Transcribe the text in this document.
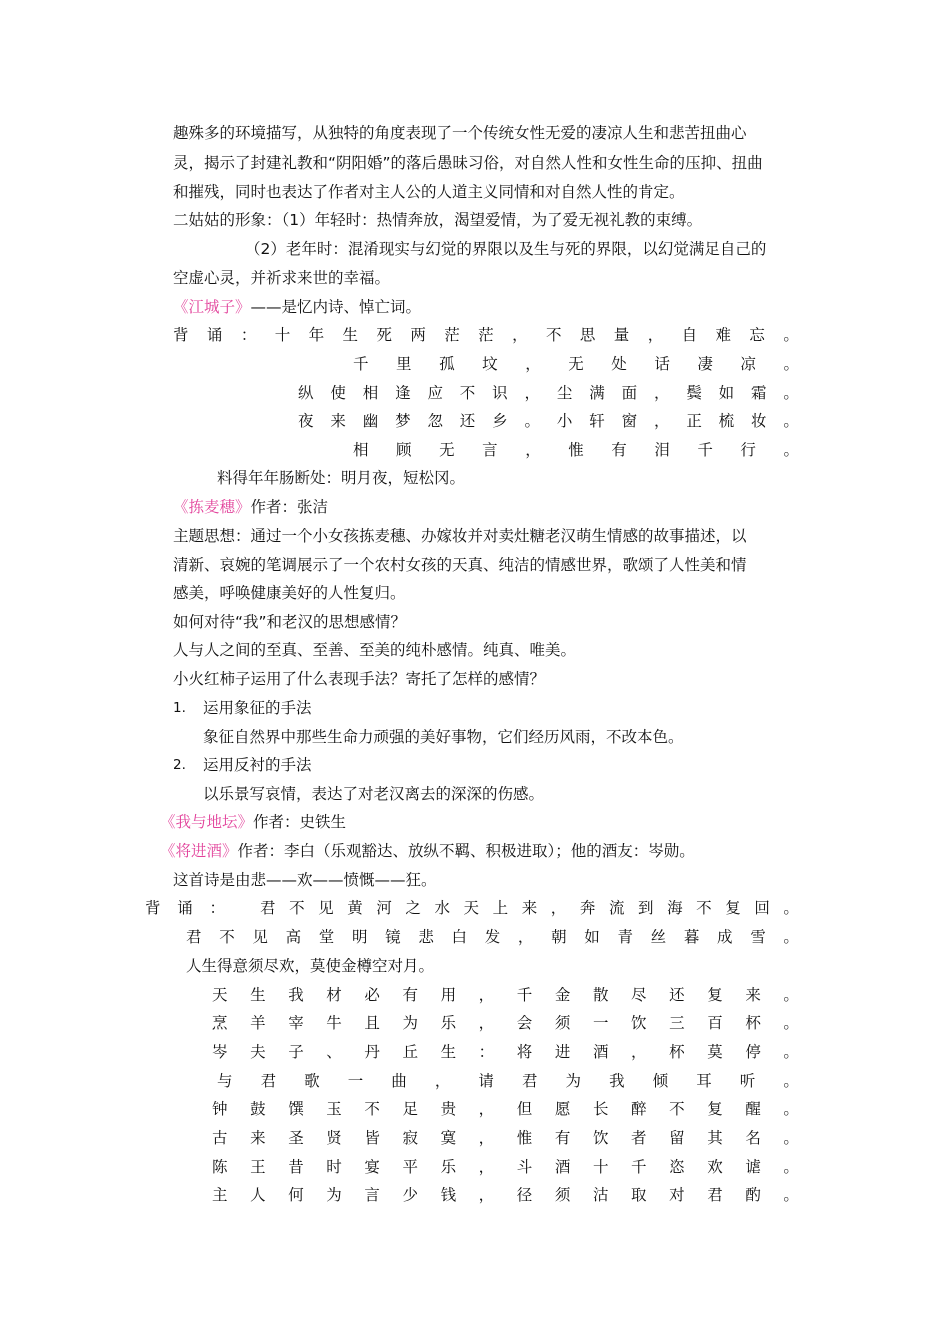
趣殊多的环境描写，从独特的角度表现了一个传统女性无爱的凄凉人生和悲苦扭曲心
灵，揭示了封建礼教和“阴阳婚”的落后愚昧习俗，对自然人性和女性生命的压抑、扭曲
和摧残，同时也表达了作者对主人公的人道主义同情和对自然人性的肯定。
二姑姑的形象：（1）年轻时：热情奔放，渴望爱情，为了爱无视礼教的束缚。
（2）老年时：混淆现实与幻觉的界限以及生与死的界限，以幻觉满足自己的
空虚心灵，并祈求来世的幸福。
《江城子》——是忆内诗、悼亡词。
背 诵 ： 十 年 生 死 两 茫 茫 ， 不 思 量 ， 自 难 忘 。
千 里 孤 坟 ， 无 处 话 凄 凉 。
纵 使 相 逢 应 不 识 ， 尘 满 面 ， 鬓 如 霜 。
夜 来 幽 梦 忽 还 乡 。 小 轩 窗 ， 正 梳 妆 。
相 顾 无 言 ， 惟 有 泪 千 行 。
料得年年肠断处：明月夜，短松冈。
《拣麦穗》作者：张洁
主题思想：通过一个小女孩拣麦穗、办嫁妆并对卖灶糖老汉萌生情感的故事描述，以
清新、哀婉的笔调展示了一个农村女孩的天真、纯洁的情感世界，歌颂了人性美和情
感美，呼唤健康美好的人性复归。
如何对待“我”和老汉的思想感情？
人与人之间的至真、至善、至美的纯朴感情。纯真、唯美。
小火红柿子运用了什么表现手法？寄托了怎样的感情？
1. 运用象征的手法
象征自然界中那些生命力顽强的美好事物，它们经历风雨，不改本色。
2. 运用反衬的手法
以乐景写哀情，表达了对老汉离去的深深的伤感。
《我与地坛》作者：史铁生
《将进酒》作者：李白（乐观豁达、放纵不羁、积极进取）；他的酒友：岑勋。
这首诗是由悲——欢——愤慨——狂。
背 诵 ： 君 不 见 黄 河 之 水 天 上 来 ， 奔 流 到 海 不 复 回 。
君 不 见 高 堂 明 镜 悲 白 发 ， 朝 如 青 丝 暮 成 雪 。
人生得意须尽欢，莫使金樽空对月。
天 生 我 材 必 有 用 ， 千 金 散 尽 还 复 来 。
烹 羊 宰 牛 且 为 乐 ， 会 须 一 饮 三 百 杯 。
岑 夫 子 、 丹 丘 生 ： 将 进 酒 ， 杯 莫 停 。
与 君 歌 一 曲 ， 请 君 为 我 倾 耳 听 。
钟 鼓 馔 玉 不 足 贵 ， 但 愿 长 醉 不 复 醒 。
古 来 圣 贤 皆 寂 寞 ， 惟 有 饮 者 留 其 名 。
陈 王 昔 时 宴 平 乐 ， 斗 酒 十 千 恣 欢 谑 。
主 人 何 为 言 少 钱 ， 径 须 沽 取 对 君 酌 。
